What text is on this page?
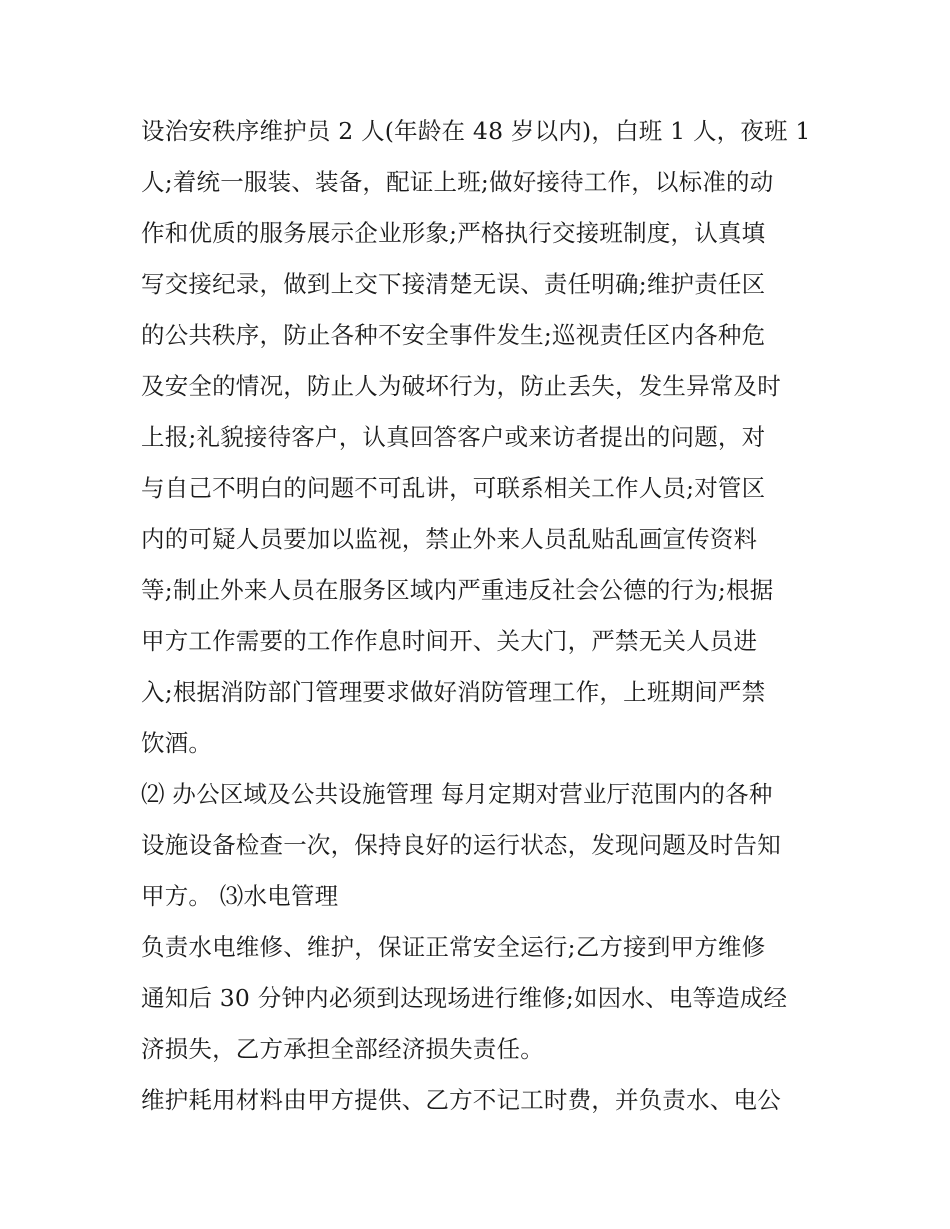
设治安秩序维护员 2 人(年龄在 48 岁以内)，白班 1 人，夜班 1
人;着统一服装、装备，配证上班;做好接待工作，以标准的动
作和优质的服务展示企业形象;严格执行交接班制度，认真填
写交接纪录，做到上交下接清楚无误、责任明确;维护责任区
的公共秩序，防止各种不安全事件发生;巡视责任区内各种危
及安全的情况，防止人为破坏行为，防止丢失，发生异常及时
上报;礼貌接待客户，认真回答客户或来访者提出的问题，对
与自己不明白的问题不可乱讲，可联系相关工作人员;对管区
内的可疑人员要加以监视，禁止外来人员乱贴乱画宣传资料
等;制止外来人员在服务区域内严重违反社会公德的行为;根据
甲方工作需要的工作作息时间开、关大门，严禁无关人员进
入;根据消防部门管理要求做好消防管理工作，上班期间严禁
饮酒。

⑵ 办公区域及公共设施管理 每月定期对营业厅范围内的各种
设施设备检查一次，保持良好的运行状态，发现问题及时告知
甲方。 ⑶水电管理

负责水电维修、维护，保证正常安全运行;乙方接到甲方维修
通知后 30 分钟内必须到达现场进行维修;如因水、电等造成经
济损失，乙方承担全部经济损失责任。

维护耗用材料由甲方提供、乙方不记工时费，并负责水、电公
